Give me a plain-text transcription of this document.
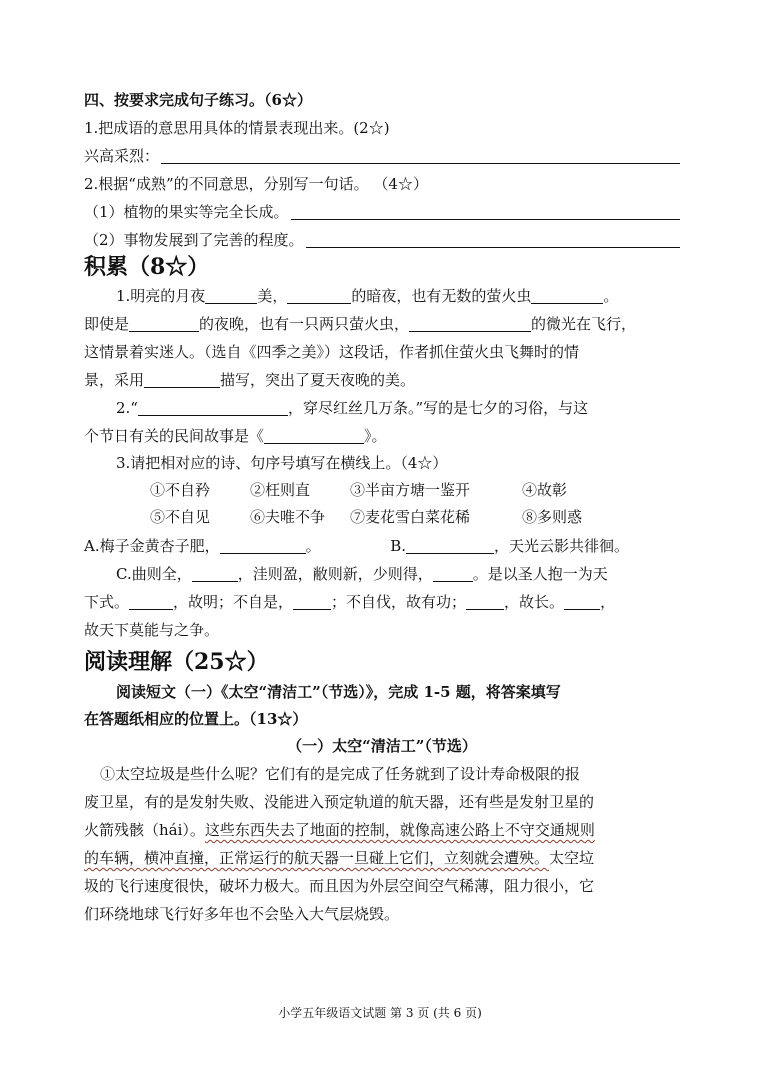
四、按要求完成句子练习。（6☆）
1.把成语的意思用具体的情景表现出来。(2☆)
兴高采烈：
2.根据“成熟”的不同意思，分别写一句话。 （4☆）
（1）植物的果实等完全长成。
（2）事物发展到了完善的程度。
积累（8☆）
1.明亮的月夜	美，	的暗夜，也有无数的萤火虫	。
即使是	的夜晚，也有一只两只萤火虫，	的微光在飞行，
这情景着实迷人。（选自《四季之美》）这段话，作者抓住萤火虫飞舞时的情
景，采用	描写，突出了夏天夜晚的美。
2.“	，穿尽红丝几万条。”写的是七夕的习俗，与这
个节日有关的民间故事是《	》。
3.请把相对应的诗、句序号填写在横线上。（4☆）
①不自矜	②枉则直	③半亩方塘一鉴开	④故彰
⑤不自见	⑥夫唯不争 ⑦麦花雪白菜花稀	⑧多则惑
A.梅子金黄杏子肥，	。	B.	，天光云影共徘徊。
C.曲则全，	，洼则盈，敝则新，少则得，	。是以圣人抱一为天
下式。	，故明；不自是，	；不自伐，故有功；	，故长。 ，
故天下莫能与之争。
阅读理解（25☆）
阅读短文（一）《太空“清洁工”（节选）》，完成 1-5 题，将答案填写
在答题纸相应的位置上。（13☆）
（一）太空“清洁工”（节选）
①太空垃圾是些什么呢？它们有的是完成了任务就到了设计寿命极限的报
废卫星，有的是发射失败、没能进入预定轨道的航天器，还有些是发射卫星的
火箭残骸（hái）。这些东西失去了地面的控制，就像高速公路上不守交通规则
的车辆，横冲直撞，正常运行的航天器一旦碰上它们，立刻就会遭殃。太空垃
圾的飞行速度很快，破坏力极大。而且因为外层空间空气稀薄，阻力很小，它
们环绕地球飞行好多年也不会坠入大气层烧毁。
小学五年级语文试题 第 3 页 (共 6 页)
